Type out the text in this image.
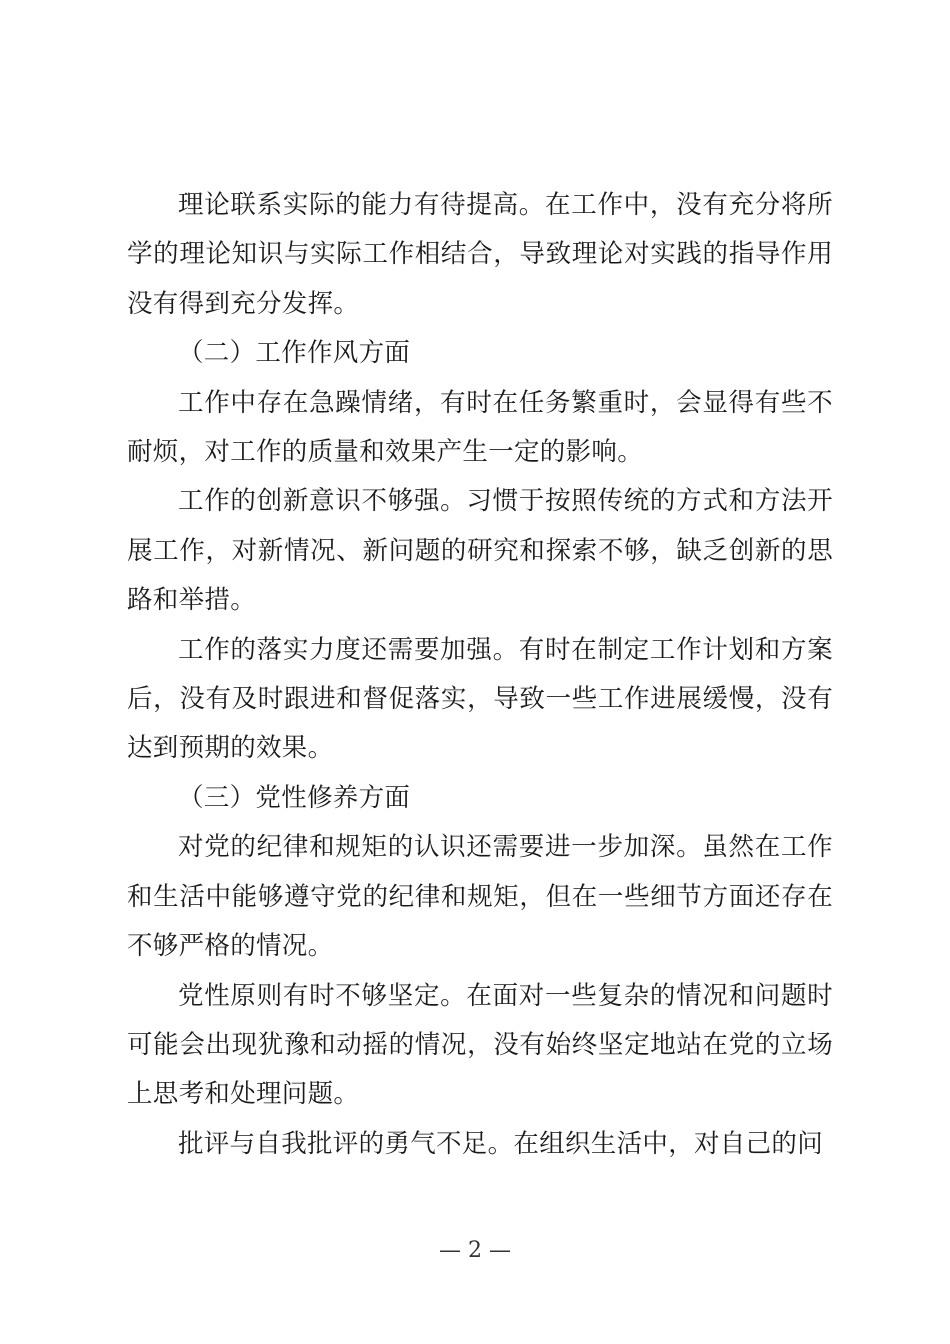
理论联系实际的能力有待提高。在工作中，没有充分将所学的理论知识与实际工作相结合，导致理论对实践的指导作用没有得到充分发挥。

（二）工作作风方面

工作中存在急躁情绪，有时在任务繁重时，会显得有些不耐烦，对工作的质量和效果产生一定的影响。

工作的创新意识不够强。习惯于按照传统的方式和方法开展工作，对新情况、新问题的研究和探索不够，缺乏创新的思路和举措。

工作的落实力度还需要加强。有时在制定工作计划和方案后，没有及时跟进和督促落实，导致一些工作进展缓慢，没有达到预期的效果。

（三）党性修养方面

对党的纪律和规矩的认识还需要进一步加深。虽然在工作和生活中能够遵守党的纪律和规矩，但在一些细节方面还存在不够严格的情况。

党性原则有时不够坚定。在面对一些复杂的情况和问题时可能会出现犹豫和动摇的情况，没有始终坚定地站在党的立场上思考和处理问题。

批评与自我批评的勇气不足。在组织生活中，对自己的问

— 2 —
